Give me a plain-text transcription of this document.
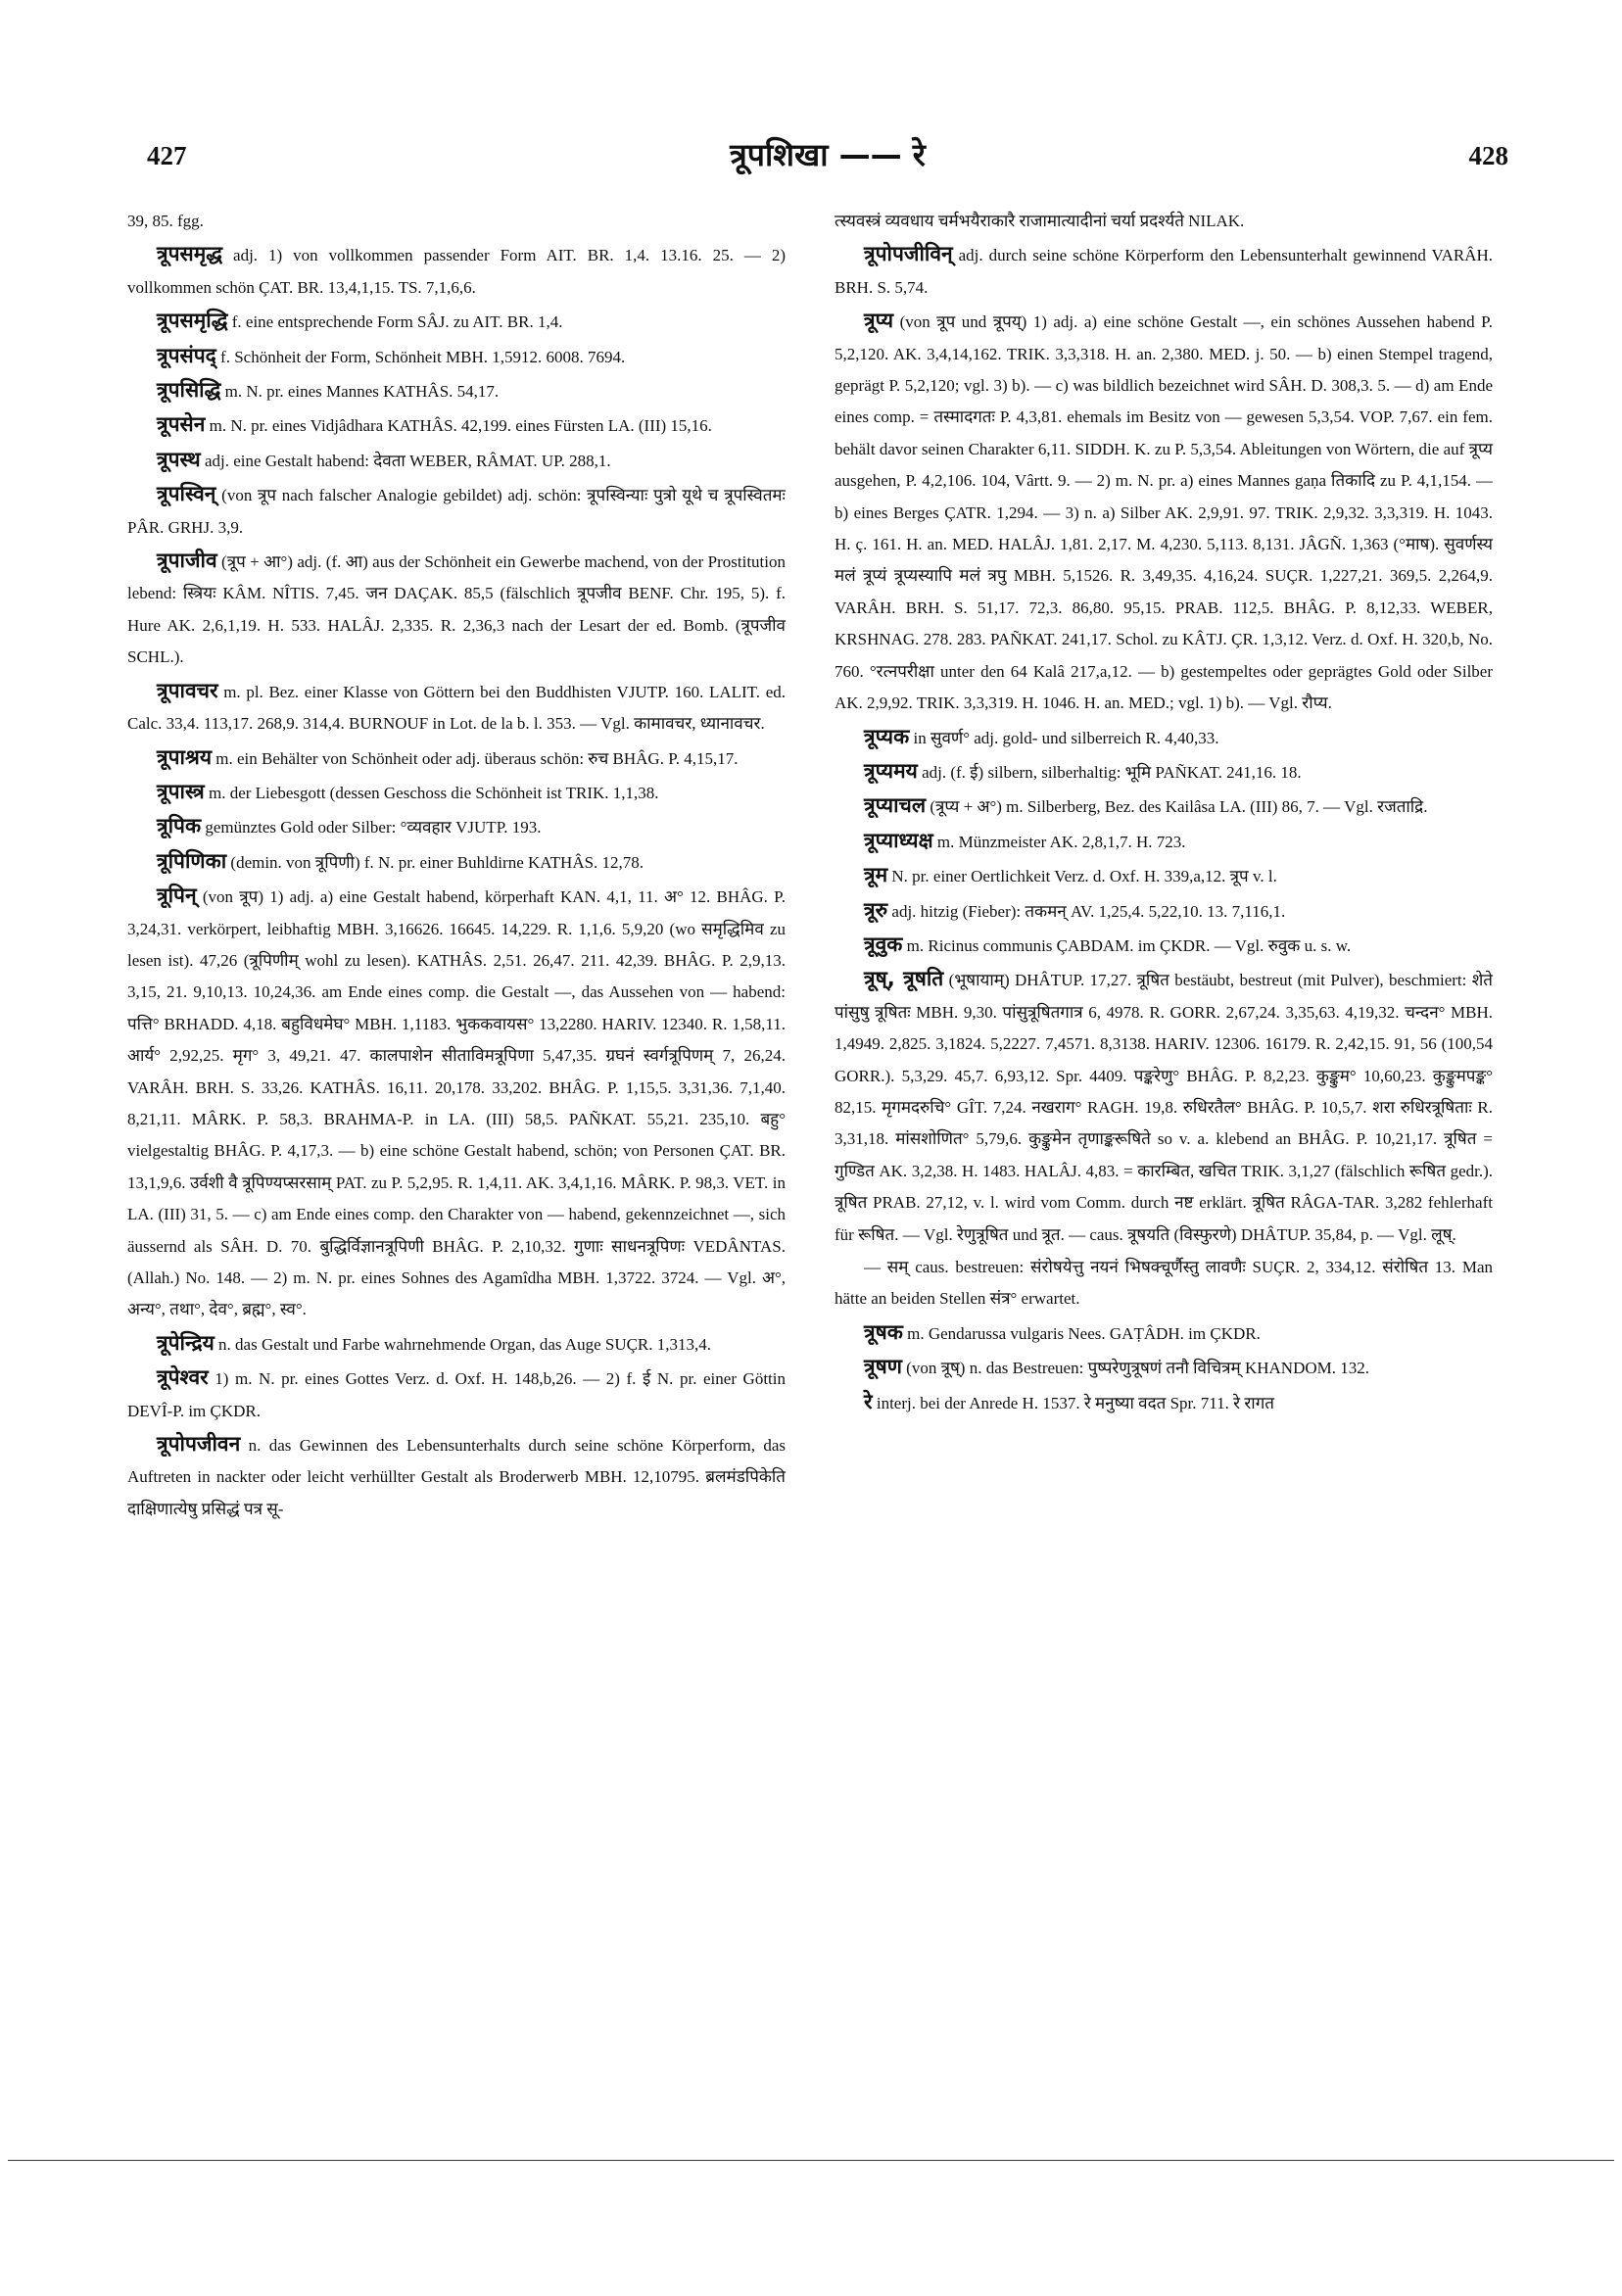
427	त्रूपशिखा —— रे	428

39, 85. fgg.

त्रूपसमृद्ध adj. 1) von vollkommen passender Form AIT. BR. 1,4. 13.16. 25. — 2) vollkommen schön ÇAT. BR. 13,4,1,15. TS. 7,1,6,6.

त्रूपसमृद्धि f. eine entsprechende Form SÂJ. zu AIT. BR. 1,4.

त्रूपसंपद् f. Schönheit der Form, Schönheit MBH. 1,5912. 6008. 7694.

त्रूपसिद्धि m. N. pr. eines Mannes KATHÂS. 54,17.

त्रूपसेन m. N. pr. eines Vidjâdhara KATHÂS. 42,199. eines Fürsten LA. (III) 15,16.

त्रूपस्थ adj. eine Gestalt habend: देवता WEBER, RÂMAT. UP. 288,1.

त्रूपस्विन् (von त्रूप nach falscher Analogie gebildet) adj. schön: त्रूपस्विन्याः पुत्रो यूथे च त्रूपस्वितमः PÂR. GRHJ. 3,9.

त्रूपाजीव (त्रूप + आ°) adj. (f. आ) aus der Schönheit ein Gewerbe machend, von der Prostitution lebend: स्त्रियः KÂM. NÎTIS. 7,45. जन DAÇAK. 85,5 (fälschlich त्रूपजीव BENF. Chr. 195, 5). f. Hure AK. 2,6,1,19. H. 533. HALÂJ. 2,335. R. 2,36,3 nach der Lesart der ed. Bomb. (त्रूपजीव SCHL.).

त्रूपावचर m. pl. Bez. einer Klasse von Göttern bei den Buddhisten VJUTP. 160. LALIT. ed. Calc. 33,4. 113,17. 268,9. 314,4. BURNOUF in Lot. de la b. l. 353. — Vgl. कामावचर, ध्यानावचर.

त्रूपाश्रय m. ein Behälter von Schönheit oder adj. überaus schön: रुच BHÂG. P. 4,15,17.

त्रूपास्त्र m. der Liebesgott (dessen Geschoss die Schönheit ist TRIK. 1,1,38.

त्रूपिक gemünztes Gold oder Silber: °व्यवहार VJUTP. 193.

त्रूपिणिका (demin. von त्रूपिणी) f. N. pr. einer Buhldirne KATHÂS. 12,78.

त्रूपिन् (von त्रूप) 1) adj. a) eine Gestalt habend, körperhaft KAN. 4,1, 11. अ° 12. BHÂG. P. 3,24,31. verkörpert, leibhaftig MBH. 3,16626. 16645. 14,229. R. 1,1,6. 5,9,20 (wo समृद्धिमिव zu lesen ist). 47,26 (त्रूपिणीम् wohl zu lesen). KATHÂS. 2,51. 26,47. 211. 42,39. BHÂG. P. 2,9,13. 3,15, 21. 9,10,13. 10,24,36. am Ende eines comp. die Gestalt —, das Aussehen von — habend: पत्ति° BRHADD. 4,18. बहुविधमेघ° MBH. 1,1183. भुककवायस° 13,2280. HARIV. 12340. R. 1,58,11. आर्य° 2,92,25. मृग° 3, 49,21. 47. कालपाशेन सीताविमत्रूपिणा 5,47,35. ग्रघनं स्वर्गत्रूपिणम् 7, 26,24. VARÂH. BRH. S. 33,26. KATHÂS. 16,11. 20,178. 33,202. BHÂG. P. 1,15,5. 3,31,36. 7,1,40. 8,21,11. MÂRK. P. 58,3. BRAHMA-P. in LA. (III) 58,5. PAÑKAT. 55,21. 235,10. बहु° vielgestaltig BHÂG. P. 4,17,3. — b) eine schöne Gestalt habend, schön; von Personen ÇAT. BR. 13,1,9,6. उर्वशी वै त्रूपिण्यप्सरसाम् PAT. zu P. 5,2,95. R. 1,4,11. AK. 3,4,1,16. MÂRK. P. 98,3. VET. in LA. (III) 31, 5. — c) am Ende eines comp. den Charakter von — habend, gekennzeichnet —, sich äussernd als SÂH. D. 70. बुद्धिर्विज्ञानत्रूपिणी BHÂG. P. 2,10,32. गुणाः साधनत्रूपिणः VEDÂNTAS. (Allah.) No. 148. — 2) m. N. pr. eines Sohnes des Agamîdha MBH. 1,3722. 3724. — Vgl. अ°, अन्य°, तथा°, देव°, ब्रह्म°, स्व°.

त्रूपेन्द्रिय n. das Gestalt und Farbe wahrnehmende Organ, das Auge SUÇR. 1,313,4.

त्रूपेश्वर 1) m. N. pr. eines Gottes Verz. d. Oxf. H. 148,b,26. — 2) f. ई N. pr. einer Göttin DEVÎ-P. im ÇKDR.

त्रूपोपजीवन n. das Gewinnen des Lebensunterhalts durch seine schöne Körperform, das Auftreten in nackter oder leicht verhüllter Gestalt als Broderwerb MBH. 12,10795. ब्रलमंडपिकेति दाक्षिणात्येषु प्रसिद्धं पत्र सू-

त्स्यवस्त्रं व्यवधाय चर्मभयैराकारै राजामात्यादीनां चर्या प्रदर्श्यते NILAK.

त्रूपोपजीविन् adj. durch seine schöne Körperform den Lebensunterhalt gewinnend VARÂH. BRH. S. 5,74.

त्रूप्य (von त्रूप und त्रूपय्) 1) adj. a) eine schöne Gestalt —, ein schönes Aussehen habend P. 5,2,120. AK. 3,4,14,162. TRIK. 3,3,318. H. an. 2,380. MED. j. 50. — b) einen Stempel tragend, geprägt P. 5,2,120; vgl. 3) b). — c) was bildlich bezeichnet wird SÂH. D. 308,3. 5. — d) am Ende eines comp. = तस्मादगतः P. 4,3,81. ehemals im Besitz von — gewesen 5,3,54. VOP. 7,67. ein fem. behält davor seinen Charakter 6,11. SIDDH. K. zu P. 5,3,54. Ableitungen von Wörtern, die auf त्रूप्य ausgehen, P. 4,2,106. 104, Vârtt. 9. — 2) m. N. pr. a) eines Mannes gaṇa तिकादि zu P. 4,1,154. — b) eines Berges ÇATR. 1,294. — 3) n. a) Silber AK. 2,9,91. 97. TRIK. 2,9,32. 3,3,319. H. 1043. H. ç. 161. H. an. MED. HALÂJ. 1,81. 2,17. M. 4,230. 5,113. 8,131. JÂGÑ. 1,363 (°माष). सुवर्णस्य मलं त्रूप्यं त्रूप्यस्यापि मलं त्रपु MBH. 5,1526. R. 3,49,35. 4,16,24. SUÇR. 1,227,21. 369,5. 2,264,9. VARÂH. BRH. S. 51,17. 72,3. 86,80. 95,15. PRAB. 112,5. BHÂG. P. 8,12,33. WEBER, KRSHNAG. 278. 283. PAÑKAT. 241,17. Schol. zu KÂTJ. ÇR. 1,3,12. Verz. d. Oxf. H. 320,b, No. 760. °रत्नपरीक्षा unter den 64 Kalâ 217,a,12. — b) gestempeltes oder geprägtes Gold oder Silber AK. 2,9,92. TRIK. 3,3,319. H. 1046. H. an. MED.; vgl. 1) b). — Vgl. रौप्य.

त्रूप्यक in सुवर्ण° adj. gold- und silberreich R. 4,40,33.

त्रूप्यमय adj. (f. ई) silbern, silberhaltig: भूमि PAÑKAT. 241,16. 18.

त्रूप्याचल (त्रूप्य + अ°) m. Silberberg, Bez. des Kailâsa LA. (III) 86, 7. — Vgl. रजताद्रि.

त्रूप्याध्यक्ष m. Münzmeister AK. 2,8,1,7. H. 723.

त्रूम N. pr. einer Oertlichkeit Verz. d. Oxf. H. 339,a,12. त्रूप v. l.

त्रूरु adj. hitzig (Fieber): तकमन् AV. 1,25,4. 5,22,10. 13. 7,116,1.

त्रूवुक m. Ricinus communis ÇABDAM. im ÇKDR. — Vgl. रुवुक u. s. w.

त्रूष्, त्रूषति (भूषायाम्) DHÂTUP. 17,27. त्रूषित bestäubt, bestreut (mit Pulver), beschmiert: शेते पांसुषु त्रूषितः MBH. 9,30. पांसुत्रूषितगात्र 6, 4978. R. GORR. 2,67,24. 3,35,63. 4,19,32. चन्दन° MBH. 1,4949. 2,825. 3,1824. 5,2227. 7,4571. 8,3138. HARIV. 12306. 16179. R. 2,42,15. 91, 56 (100,54 GORR.). 5,3,29. 45,7. 6,93,12. Spr. 4409. पङ्करेणु° BHÂG. P. 8,2,23. कुङ्कुम° 10,60,23. कुङ्कुमपङ्क° 82,15. मृगमदरुचि° GÎT. 7,24. नखराग° RAGH. 19,8. रुधिरतैल° BHÂG. P. 10,5,7. शरा रुधिरत्रूषिताः R. 3,31,18. मांसशोणित° 5,79,6. कुङ्कुमेन तृणाङ्करूषिते so v. a. klebend an BHÂG. P. 10,21,17. त्रूषित = गुण्डित AK. 3,2,38. H. 1483. HALÂJ. 4,83. = कारम्बित, खचित TRIK. 3,1,27 (fälschlich रूषित gedr.). त्रूषित PRAB. 27,12, v. l. wird vom Comm. durch नष्ट erklärt. त्रूषित RÂGA-TAR. 3,282 fehlerhaft für रूषित. — Vgl. रेणुत्रूषित und त्रूत. — caus. त्रूषयति (विस्फुरणे) DHÂTUP. 35,84, p. — Vgl. लूष्.

— सम् caus. bestreuen: संरोषयेत्तु नयनं भिषक्चूर्णैस्तु लावणैः SUÇR. 2, 334,12. संरोषित 13. Man hätte an beiden Stellen संत्र° erwartet.

त्रूषक m. Gendarussa vulgaris Nees. GAṬÂDH. im ÇKDR.

त्रूषण (von त्रूष्) n. das Bestreuen: पुष्परेणुत्रूषणं तनौ विचित्रम् KHANDOM. 132.

रे interj. bei der Anrede H. 1537. रे मनुष्या वदत Spr. 711. रे रागत
